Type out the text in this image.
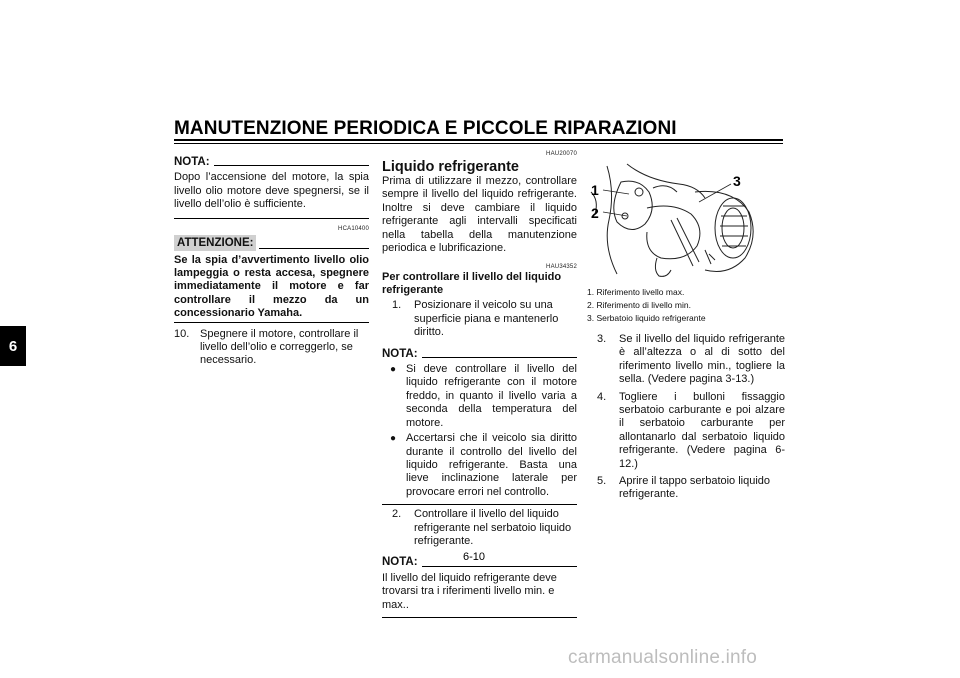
MANUTENZIONE PERIODICA E PICCOLE RIPARAZIONI
6
NOTA:

Dopo l’accensione del motore, la spia livello olio motore deve spegnersi, se il livello dell’olio è sufficiente.

HCA10400
ATTENZIONE:

Se la spia d’avvertimento livello olio lampeggia o resta accesa, spegnere immediatamente il motore e far controllare il mezzo da un concessionario Yamaha.

10. Spegnere il motore, controllare il livello dell’olio e correggerlo, se necessario.
HAU20070
Liquido refrigerante

Prima di utilizzare il mezzo, controllare sempre il livello del liquido refrigerante. Inoltre si deve cambiare il liquido refrigerante agli intervalli specificati nella tabella della manutenzione periodica e lubrificazione.

HAU34352
Per controllare il livello del liquido refrigerante
1.	Posizionare il veicolo su una superficie piana e mantenerlo diritto.
NOTA:
● Si deve controllare il livello del liquido refrigerante con il motore freddo, in quanto il livello varia a seconda della temperatura del motore.
● Accertarsi che il veicolo sia diritto durante il controllo del livello del liquido refrigerante. Basta una lieve inclinazione laterale per provocare errori nel controllo.
2.	Controllare il livello del liquido refrigerante nel serbatoio liquido refrigerante.
NOTA:

Il livello del liquido refrigerante deve trovarsi tra i riferimenti livello min. e max..

1
2
3
1. Riferimento livello max.
2. Riferimento di livello min.
3. Serbatoio liquido refrigerante
3.	Se il livello del liquido refrigerante è all’altezza o al di sotto del riferimento livello min., togliere la sella. (Vedere pagina 3-13.)
4.	Togliere i bulloni fissaggio serbatoio carburante e poi alzare il serbatoio carburante per allontanarlo dal serbatoio liquido refrigerante. (Vedere pagina 6-12.)
5.	Aprire il tappo serbatoio liquido refrigerante.
6-10
carmanualsonline.info
